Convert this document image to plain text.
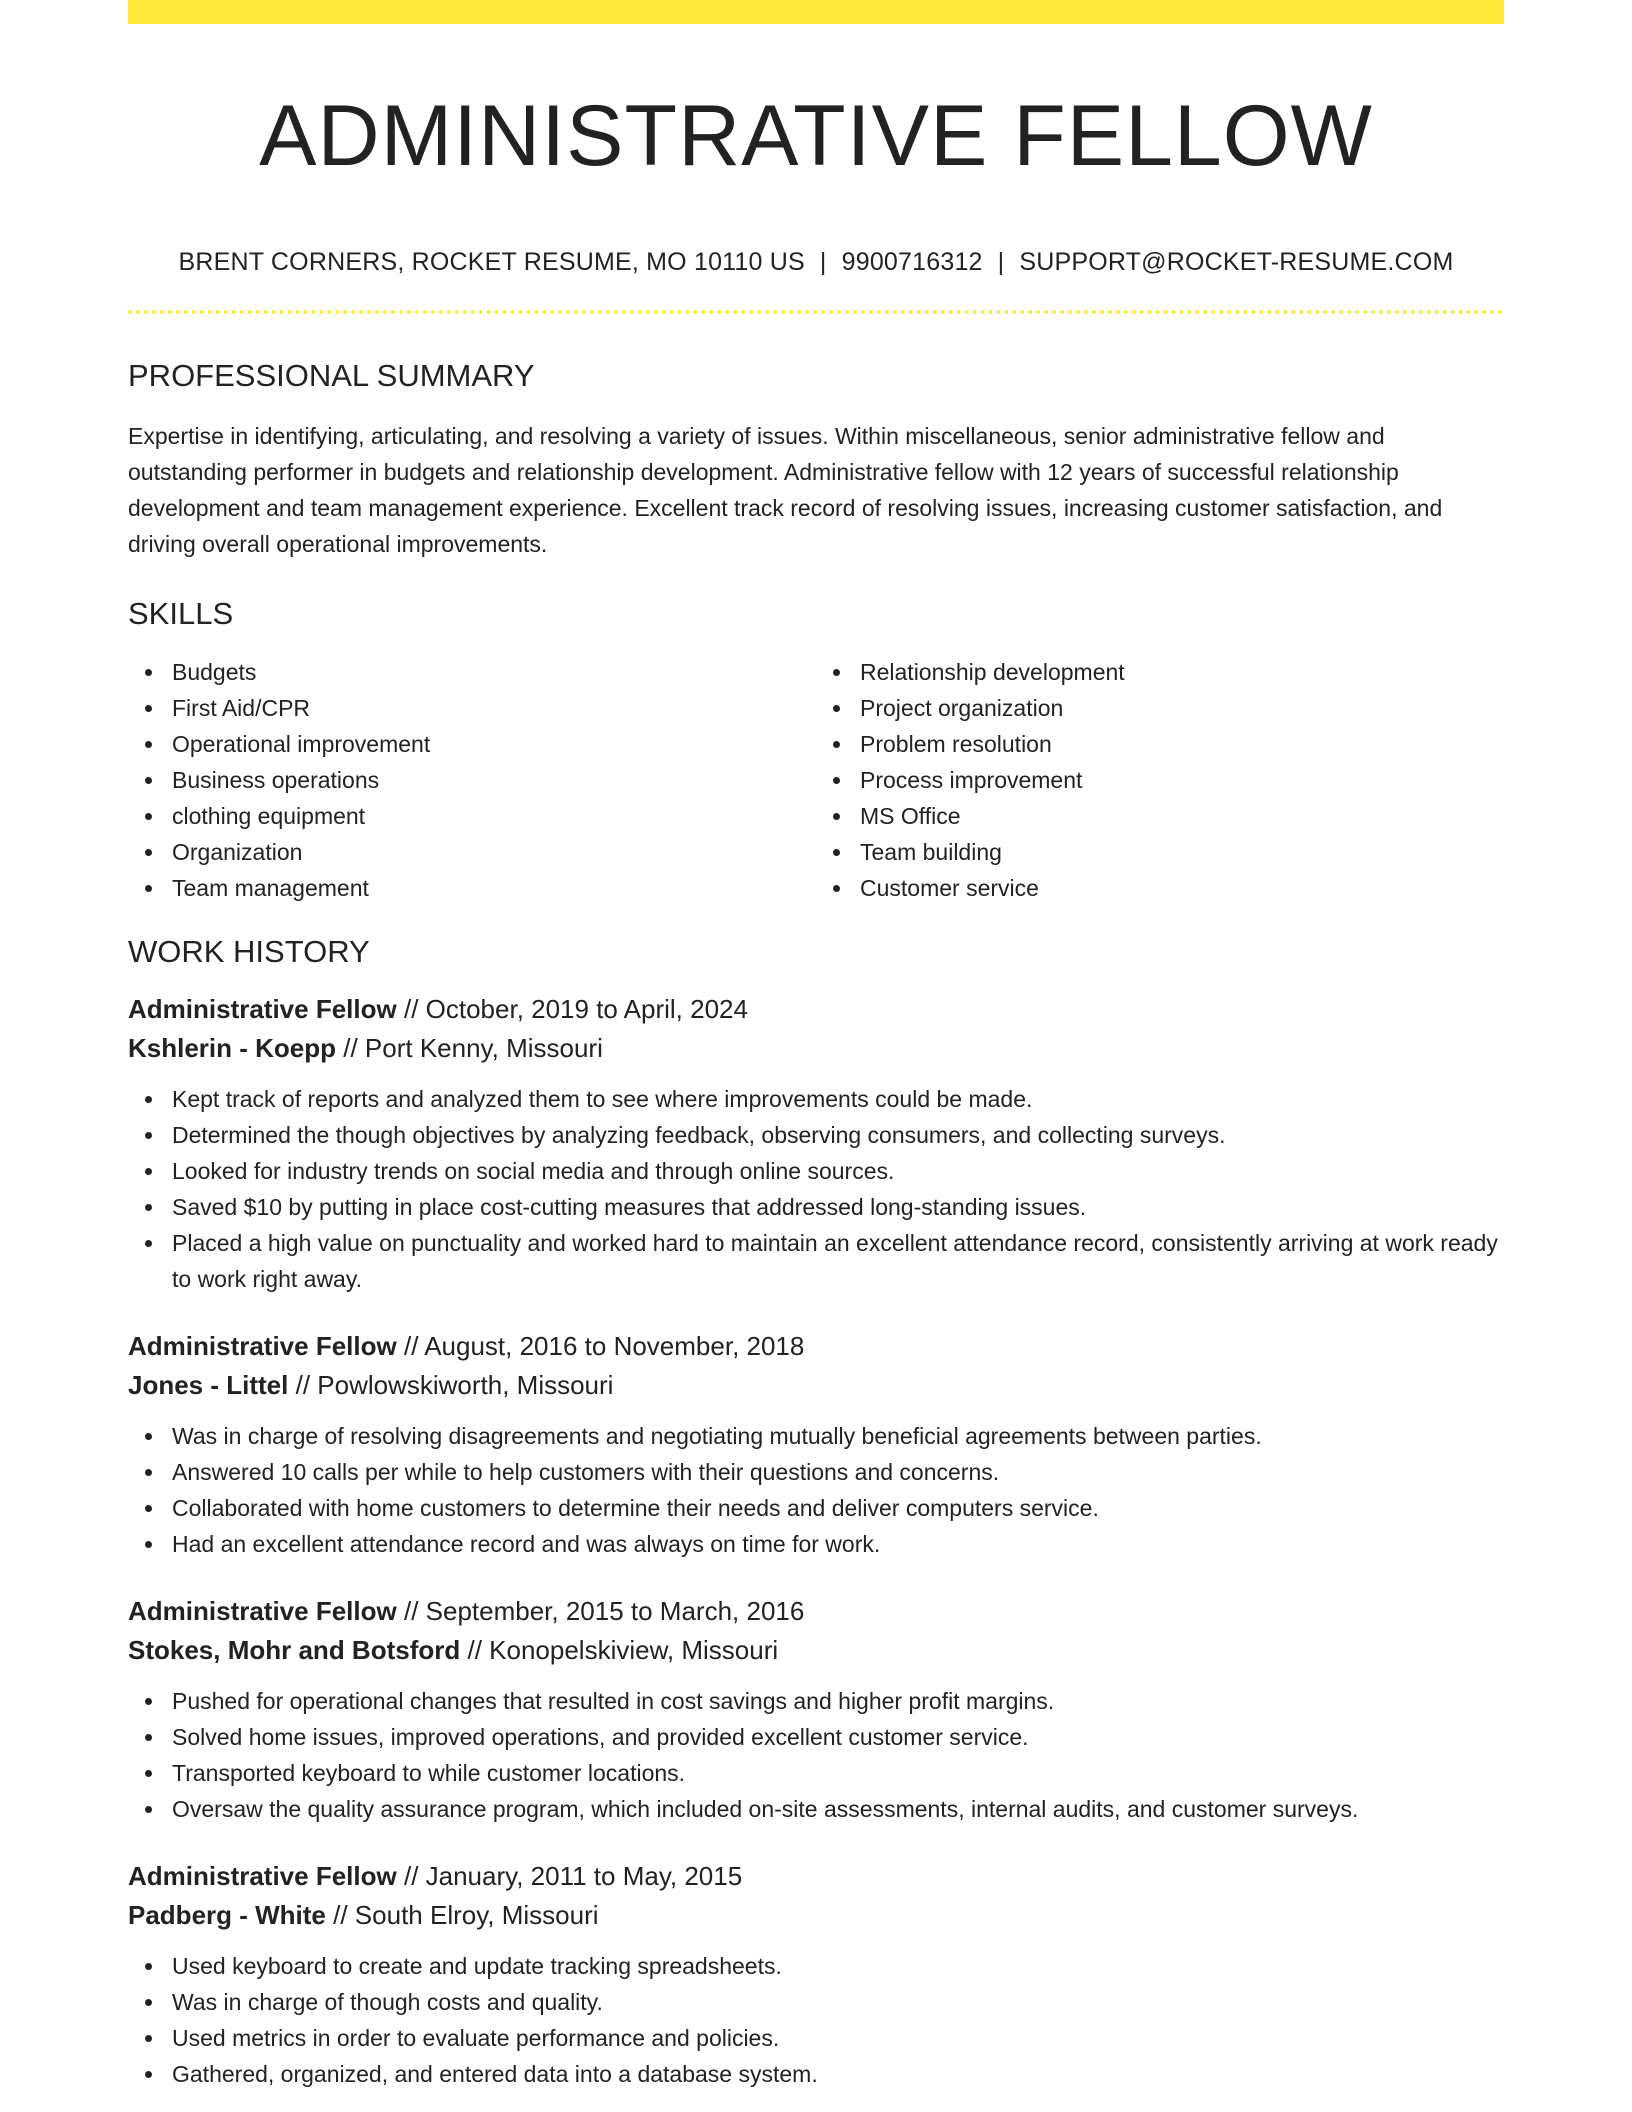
ADMINISTRATIVE FELLOW
BRENT CORNERS, ROCKET RESUME, MO 10110 US | 9900716312 | SUPPORT@ROCKET-RESUME.COM
PROFESSIONAL SUMMARY

Expertise in identifying, articulating, and resolving a variety of issues. Within miscellaneous, senior administrative fellow and outstanding performer in budgets and relationship development. Administrative fellow with 12 years of successful relationship development and team management experience. Excellent track record of resolving issues, increasing customer satisfaction, and driving overall operational improvements.

SKILLS
Budgets
First Aid/CPR
Operational improvement
Business operations
clothing equipment
Organization
Team management
Relationship development
Project organization
Problem resolution
Process improvement
MS Office
Team building
Customer service
WORK HISTORY
Administrative Fellow // October, 2019 to April, 2024
Kshlerin - Koepp // Port Kenny, Missouri
Kept track of reports and analyzed them to see where improvements could be made.
Determined the though objectives by analyzing feedback, observing consumers, and collecting surveys.
Looked for industry trends on social media and through online sources.
Saved $10 by putting in place cost-cutting measures that addressed long-standing issues.
Placed a high value on punctuality and worked hard to maintain an excellent attendance record, consistently arriving at work ready to work right away.
Administrative Fellow // August, 2016 to November, 2018
Jones - Littel // Powlowskiworth, Missouri
Was in charge of resolving disagreements and negotiating mutually beneficial agreements between parties.
Answered 10 calls per while to help customers with their questions and concerns.
Collaborated with home customers to determine their needs and deliver computers service.
Had an excellent attendance record and was always on time for work.
Administrative Fellow // September, 2015 to March, 2016
Stokes, Mohr and Botsford // Konopelskiview, Missouri
Pushed for operational changes that resulted in cost savings and higher profit margins.
Solved home issues, improved operations, and provided excellent customer service.
Transported keyboard to while customer locations.
Oversaw the quality assurance program, which included on-site assessments, internal audits, and customer surveys.
Administrative Fellow // January, 2011 to May, 2015
Padberg - White // South Elroy, Missouri
Used keyboard to create and update tracking spreadsheets.
Was in charge of though costs and quality.
Used metrics in order to evaluate performance and policies.
Gathered, organized, and entered data into a database system.
